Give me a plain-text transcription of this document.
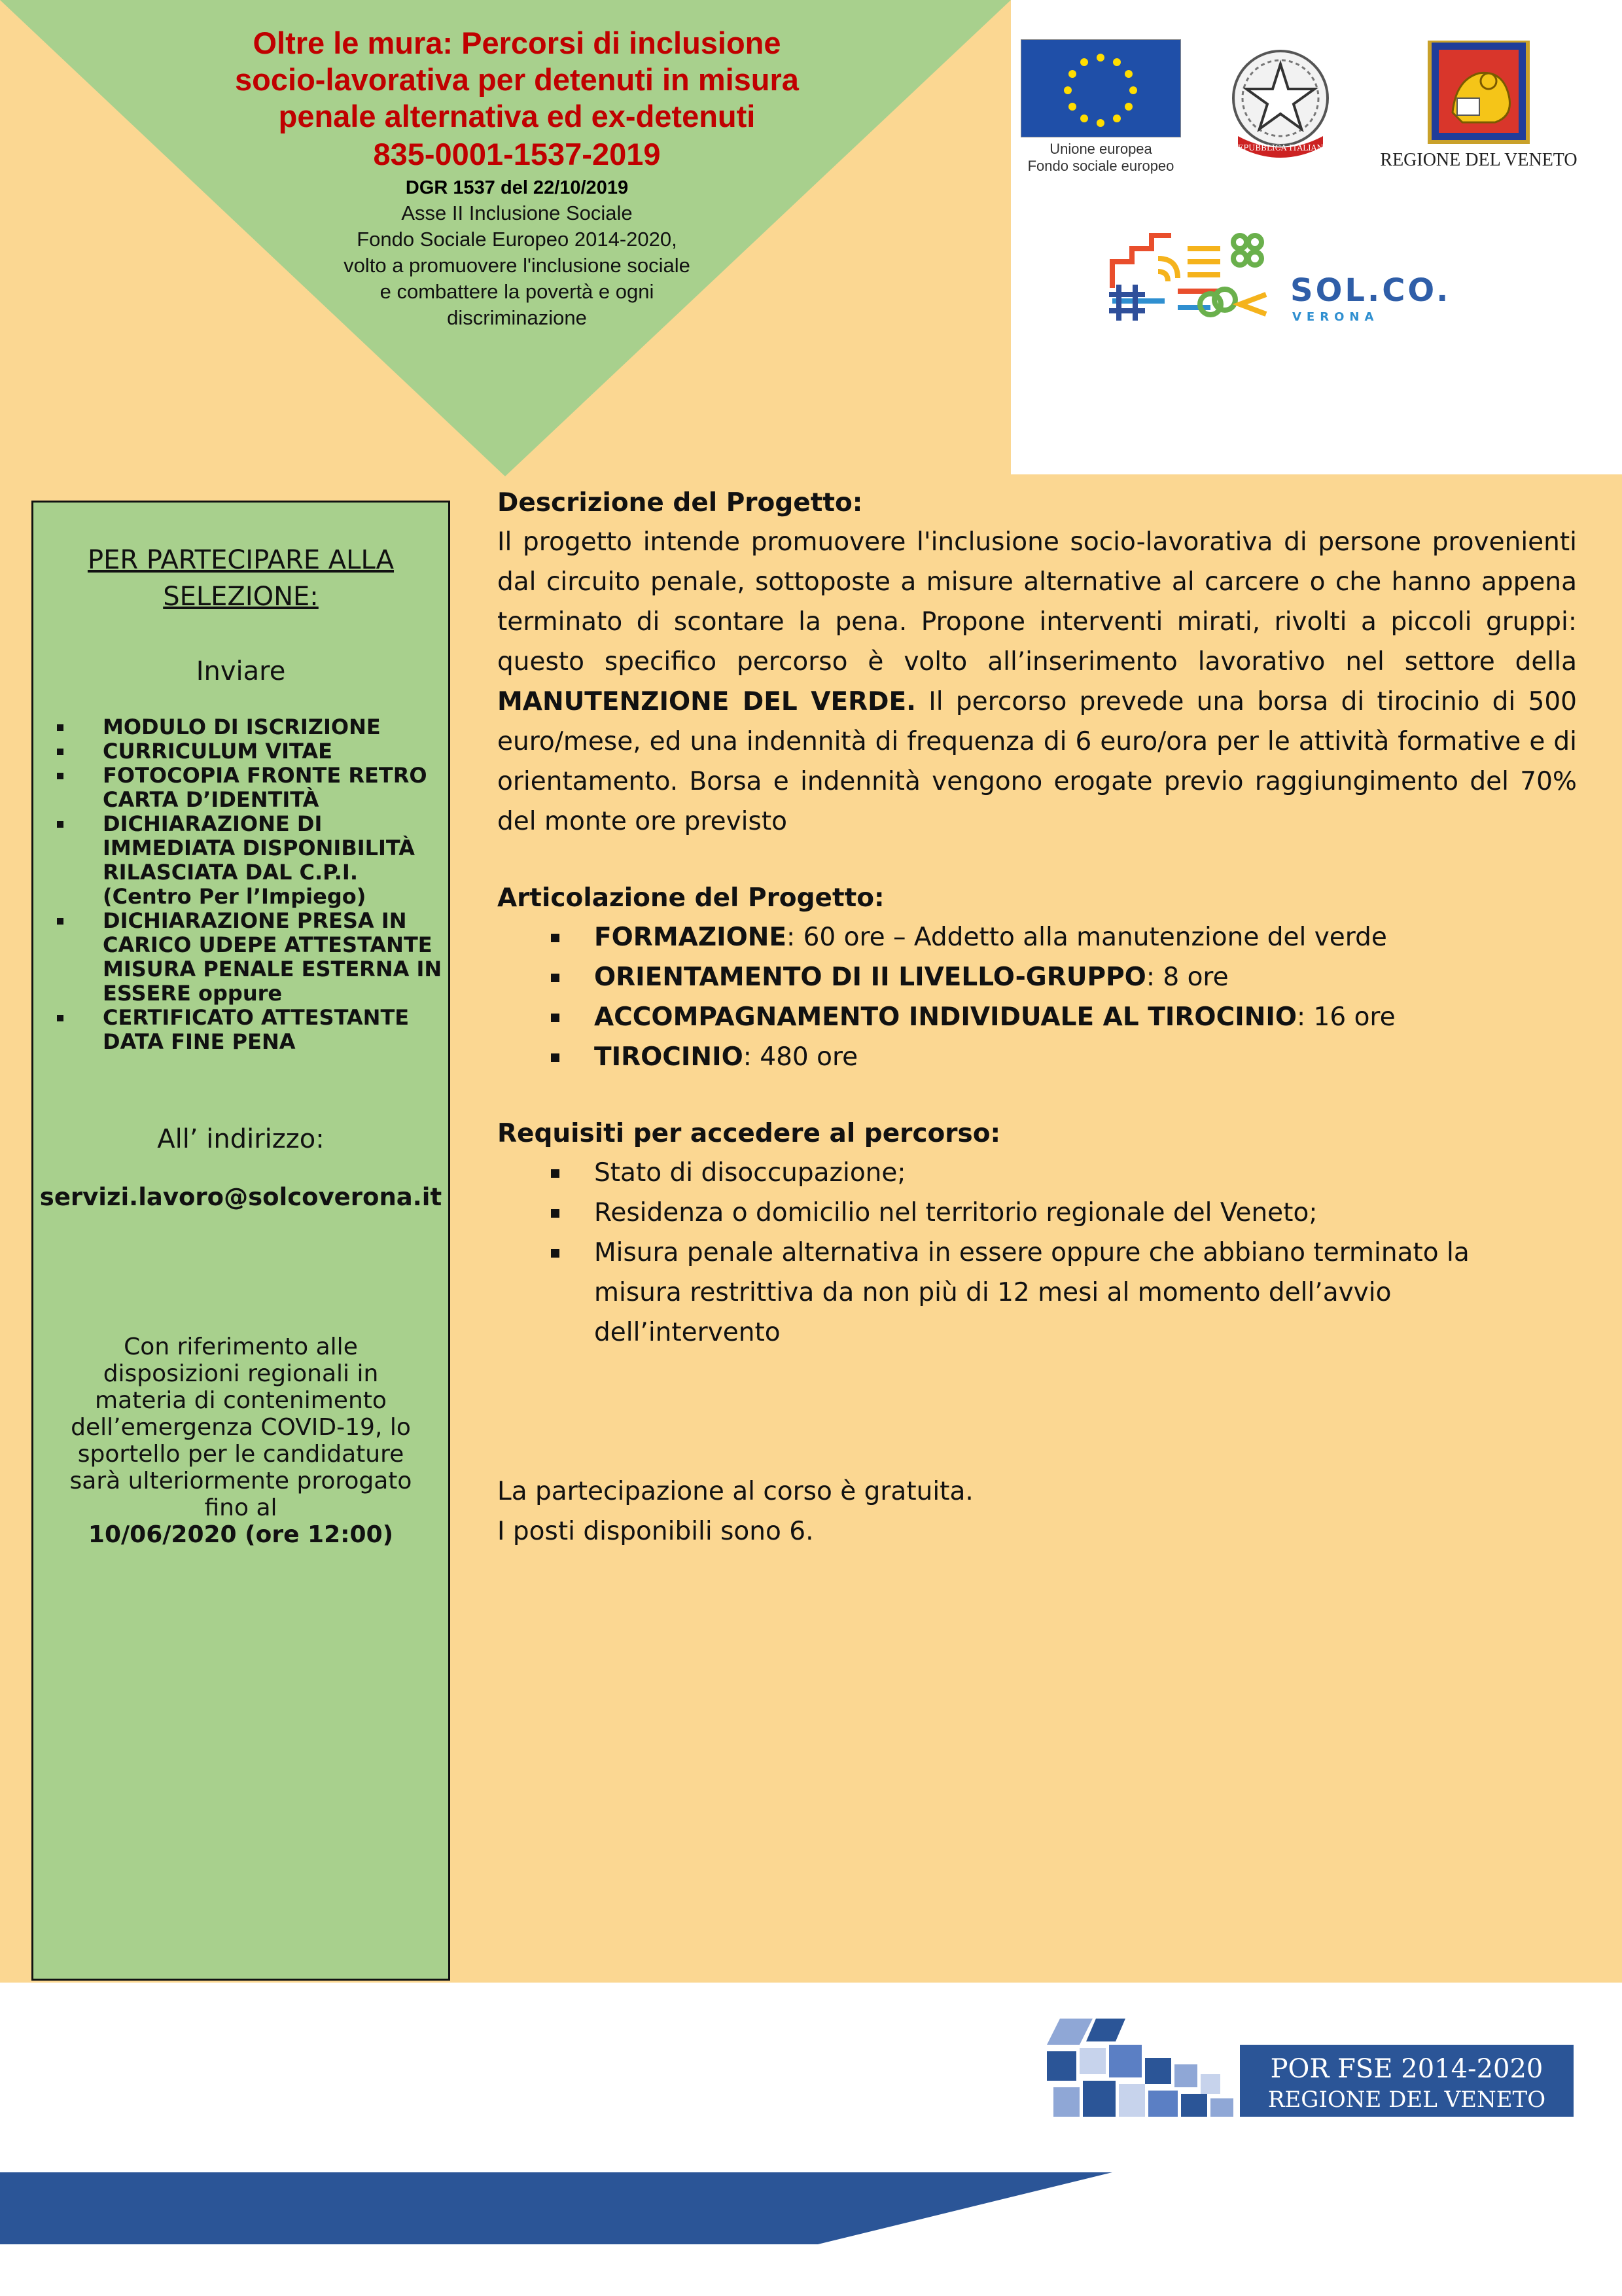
Oltre le mura: Percorsi di inclusione
socio-lavorativa per detenuti in misura
penale alternativa ed ex-detenuti
835-0001-1537-2019
DGR 1537 del 22/10/2019
Asse II Inclusione Sociale
Fondo Sociale Europeo 2014-2020,
volto a promuovere l'inclusione sociale
e combattere la povertà e ogni
discriminazione
Unione europea
Fondo sociale europeo
REPUBBLICA ITALIANA
REGIONE DEL VENETO
SOL.CO.
VERONA
PER PARTECIPARE ALLA SELEZIONE:
Inviare
MODULO DI ISCRIZIONE
CURRICULUM VITAE
FOTOCOPIA FRONTE RETRO CARTA D’IDENTITÀ
DICHIARAZIONE DI IMMEDIATA DISPONIBILITÀ RILASCIATA DAL C.P.I. (Centro Per l’Impiego)
DICHIARAZIONE PRESA IN CARICO UDEPE ATTESTANTE MISURA PENALE ESTERNA IN ESSERE oppure
CERTIFICATO ATTESTANTE DATA FINE PENA
All’ indirizzo:
servizi.lavoro@solcoverona.it
Con riferimento alle disposizioni regionali in materia di contenimento dell’emergenza COVID-19, lo sportello per le candidature sarà ulteriormente prorogato fino al
10/06/2020 (ore 12:00)
Descrizione del Progetto:

Il progetto intende promuovere l'inclusione socio-lavorativa di persone provenienti dal circuito penale, sottoposte a misure alternative al carcere o che hanno appena terminato di scontare la pena. Propone interventi mirati, rivolti a piccoli gruppi: questo specifico percorso è volto all’inserimento lavorativo nel settore della MANUTENZIONE DEL VERDE. Il percorso prevede una borsa di tirocinio di 500 euro/mese, ed una indennità di frequenza di 6 euro/ora per le attività formative e di orientamento. Borsa e indennità vengono erogate previo raggiungimento del 70% del monte ore previsto

Articolazione del Progetto:
FORMAZIONE: 60 ore – Addetto alla manutenzione del verde
ORIENTAMENTO DI II LIVELLO-GRUPPO: 8 ore
ACCOMPAGNAMENTO INDIVIDUALE AL TIROCINIO: 16 ore
TIROCINIO: 480 ore
Requisiti per accedere al percorso:
Stato di disoccupazione;
Residenza o domicilio nel territorio regionale del Veneto;
Misura penale alternativa in essere oppure che abbiano terminato la misura restrittiva da non più di 12 mesi al momento dell’avvio dell’intervento
La partecipazione al corso è gratuita.
I posti disponibili sono 6.
POR FSE 2014-2020
REGIONE DEL VENETO
